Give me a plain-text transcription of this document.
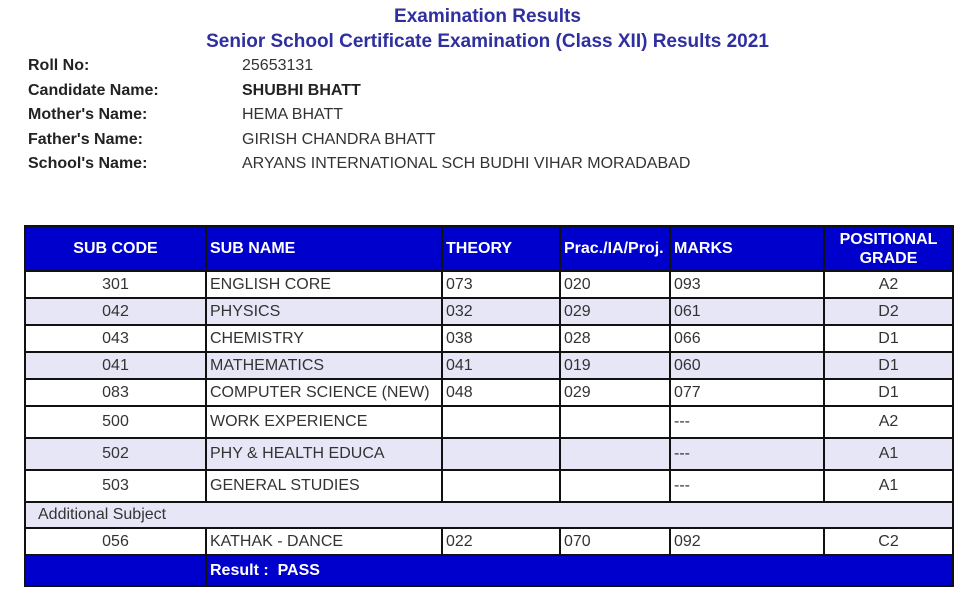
Examination Results
Senior School Certificate Examination (Class XII) Results 2021
Roll No:	25653131
Candidate Name:	SHUBHI BHATT
Mother's Name:	HEMA BHATT
Father's Name:	GIRISH CHANDRA BHATT
School's Name:	ARYANS INTERNATIONAL SCH BUDHI VIHAR MORADABAD
SUB CODE	SUB NAME	THEORY	Prac./IA/Proj.	MARKS	POSITIONAL
GRADE
301	ENGLISH CORE	073	020	093	A2
042	PHYSICS	032	029	061	D2
043	CHEMISTRY	038	028	066	D1
041	MATHEMATICS	041	019	060	D1
083	COMPUTER SCIENCE (NEW)	048	029	077	D1
500	WORK EXPERIENCE			---	A2
502	PHY & HEALTH EDUCA			---	A1
503	GENERAL STUDIES			---	A1
Additional Subject					
056	KATHAK - DANCE	022	070	092	C2
	Result : PASS				
